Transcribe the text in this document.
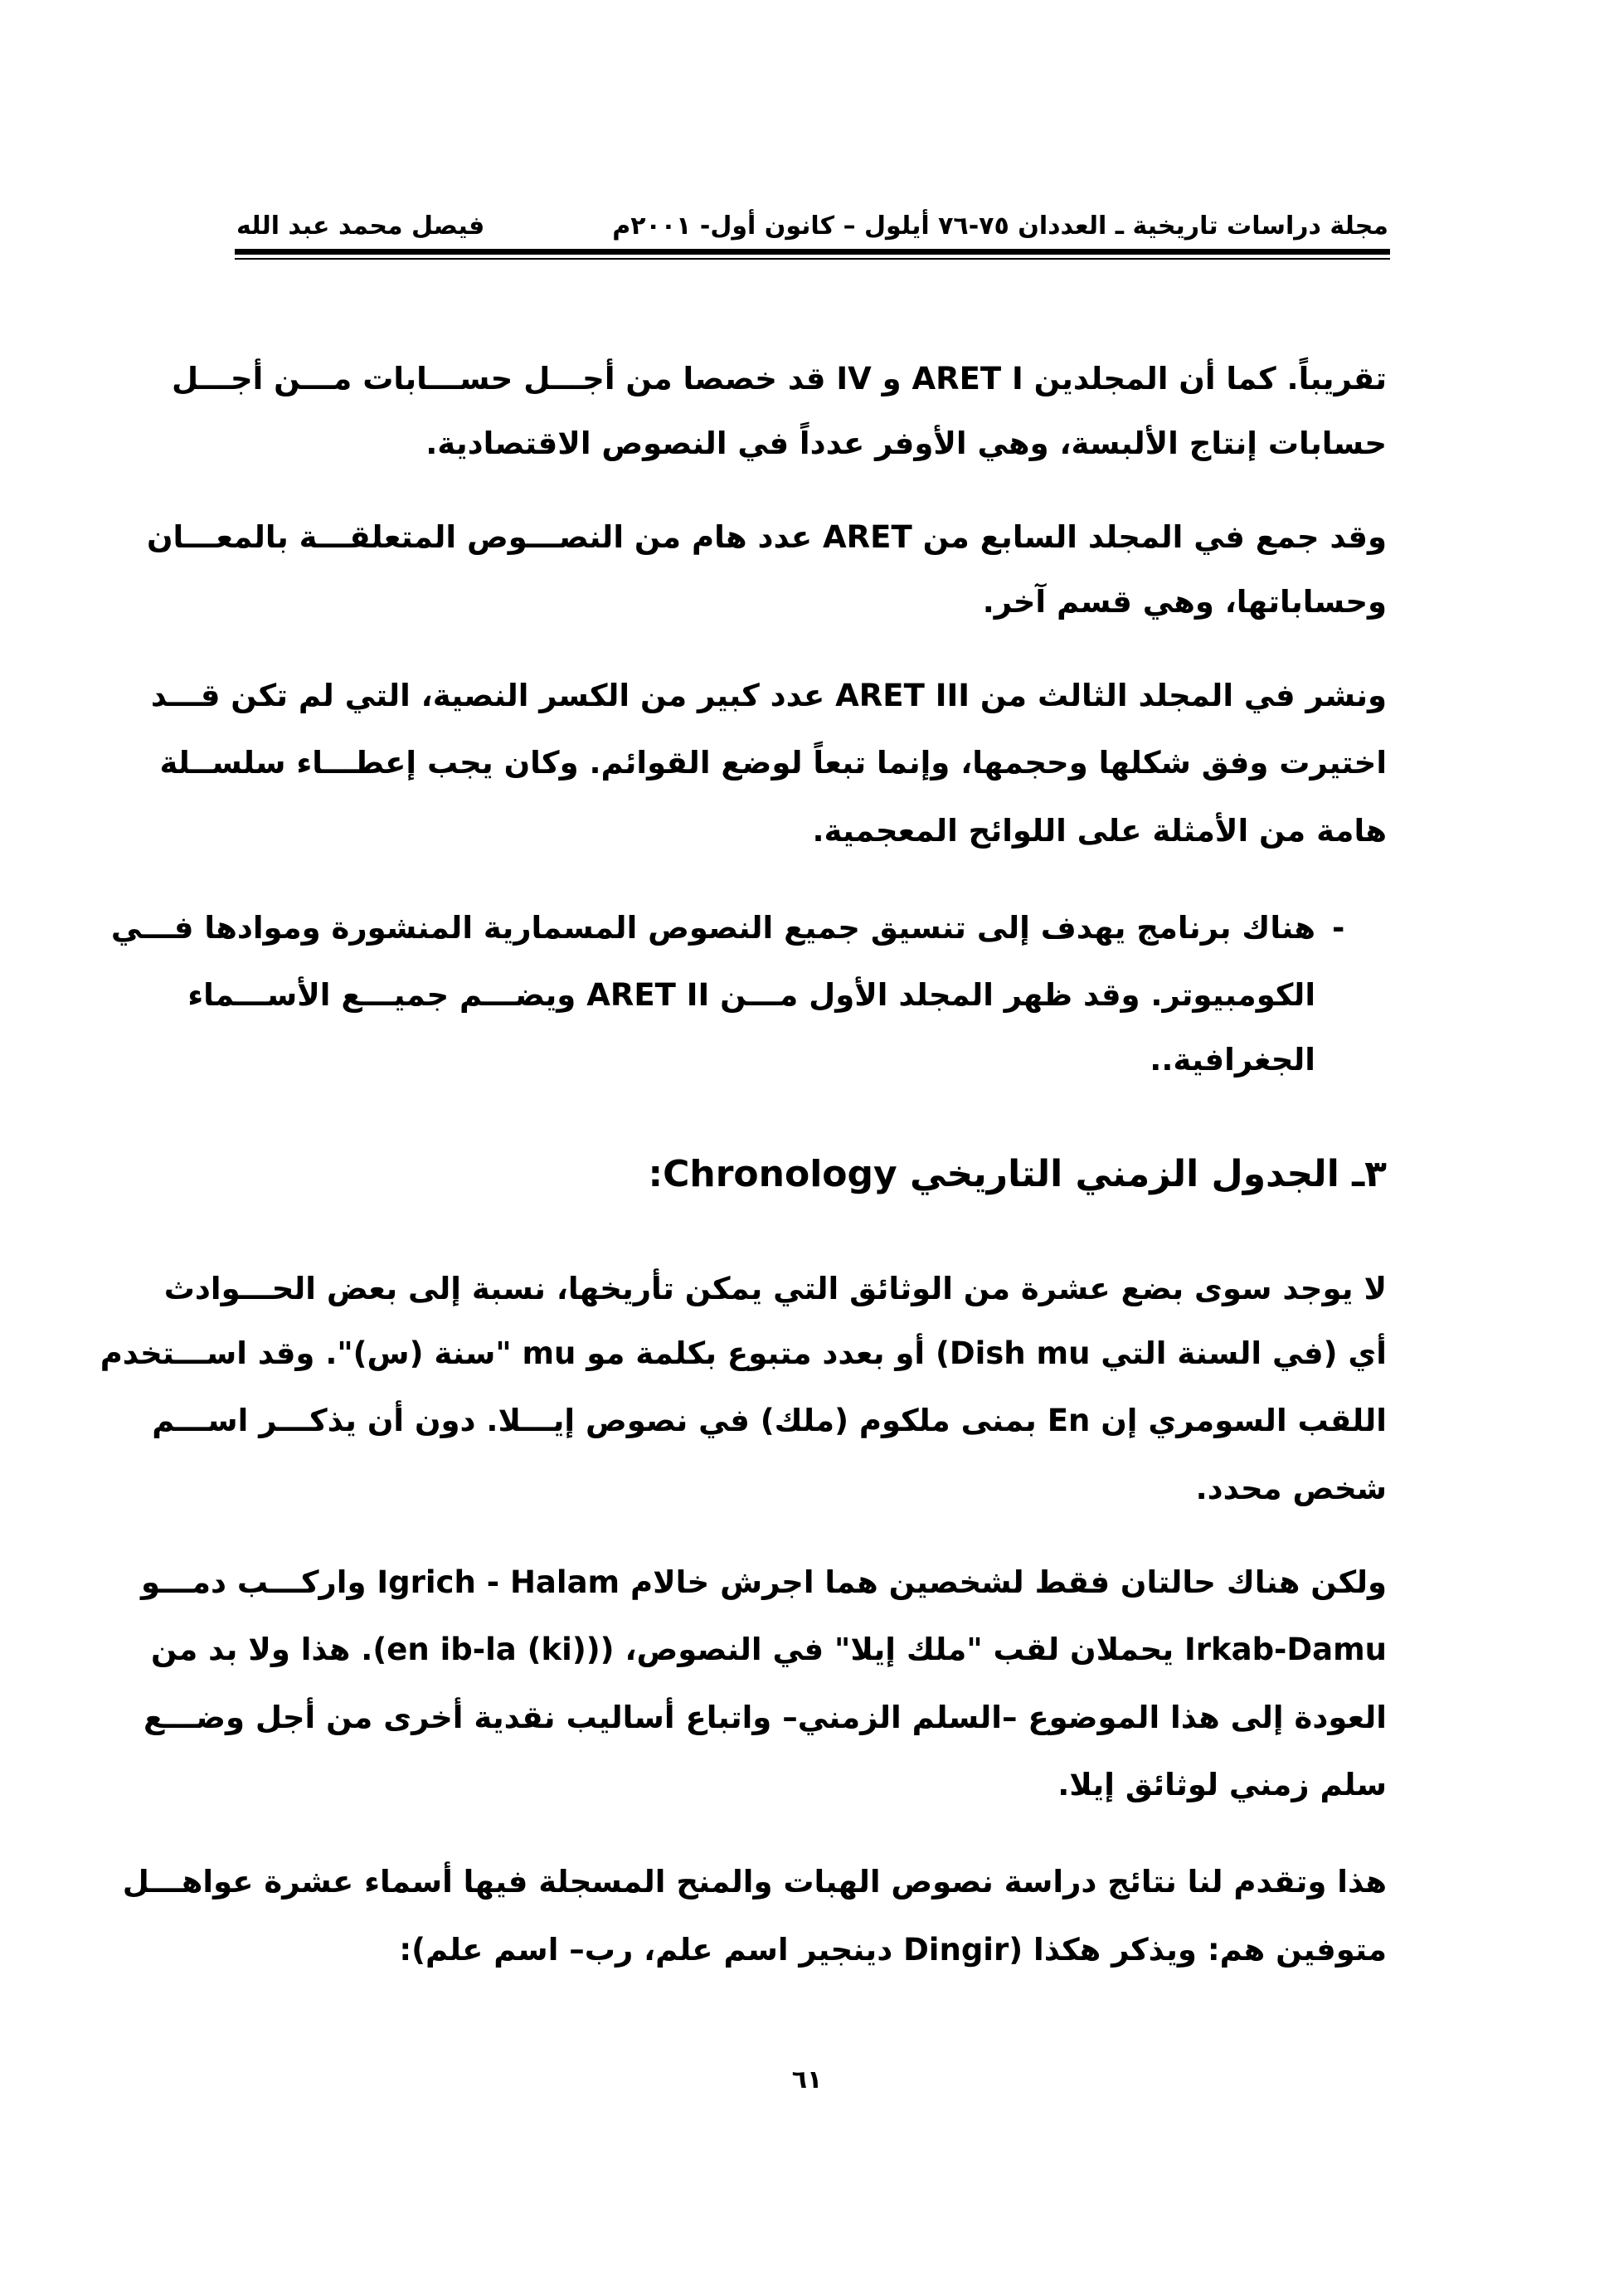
مجلة دراسات تاريخية ـ العددان ٧٥-٧٦ أيلول – كانون أول- ٢٠٠١م
فيصل محمد عبد الله
تقريباً. كما أن المجلدين ARET I و IV قد خصصا من أجـــل حســـابات مـــن أجـــل
حسابات إنتاج الألبسة، وهي الأوفر عدداً في النصوص الاقتصادية.
وقد جمع في المجلد السابع من ARET عدد هام من النصـــوص المتعلقـــة بالمعـــان
وحساباتها، وهي قسم آخر.
ونشر في المجلد الثالث من ARET III عدد كبير من الكسر النصية، التي لم تكن قـــد
اختيرت وفق شكلها وحجمها، وإنما تبعاً لوضع القوائم. وكان يجب إعطـــاء سلســلة
هامة من الأمثلة على اللوائح المعجمية.
-
هناك برنامج يهدف إلى تنسيق جميع النصوص المسمارية المنشورة وموادها فـــي
الكومبيوتر. وقد ظهر المجلد الأول مـــن ARET II ويضـــم جميـــع الأســـماء
الجغرافية..
٣ـ الجدول الزمني التاريخي Chronology:
لا يوجد سوى بضع عشرة من الوثائق التي يمكن تأريخها، نسبة إلى بعض الحـــوادث
أي (في السنة التي Dish mu) أو بعدد متبوع بكلمة مو mu "سنة (س)". وقد اســـتخدم
اللقب السومري إن En بمنى ملكوم (ملك) في نصوص إيـــلا. دون أن يذكـــر اســـم
شخص محدد.
ولكن هناك حالتان فقط لشخصين هما اجرش خالام Igrich - Halam واركـــب دمـــو
Irkab-Damu يحملان لقب "ملك إيلا" في النصوص، ((en ib-la (ki)). هذا ولا بد من
العودة إلى هذا الموضوع –السلم الزمني– واتباع أساليب نقدية أخرى من أجل وضـــع
سلم زمني لوثائق إيلا.
هذا وتقدم لنا نتائج دراسة نصوص الهبات والمنح المسجلة فيها أسماء عشرة عواهـــل
متوفين هم: ويذكر هكذا (Dingir دينجير اسم علم، رب– اسم علم):
٦١
